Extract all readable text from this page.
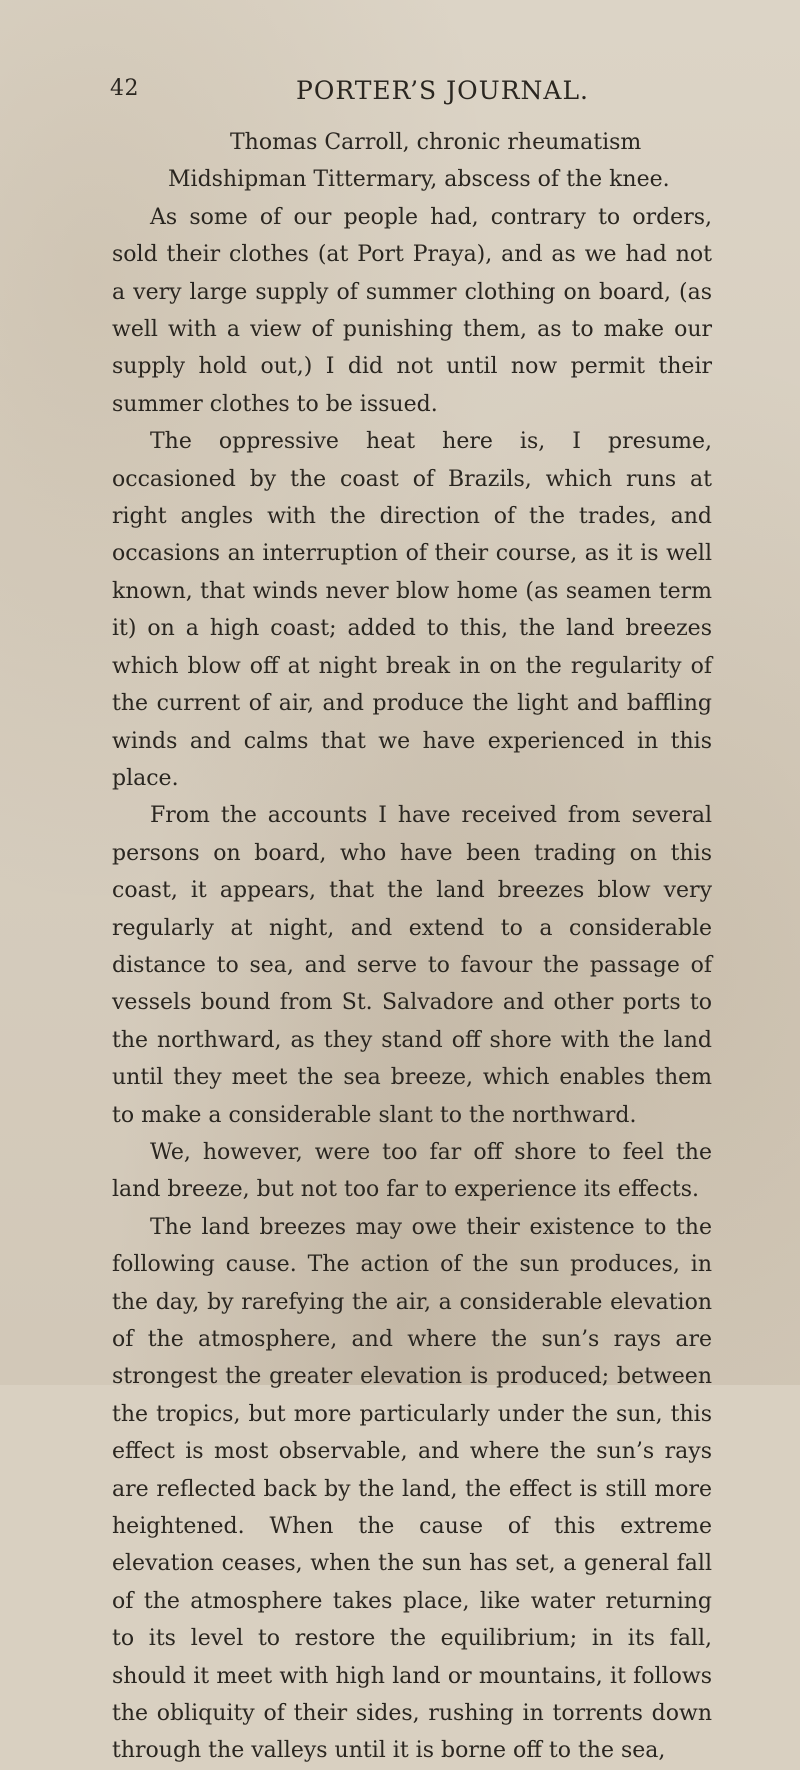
42	PORTER’S JOURNAL.

Thomas Carroll, chronic rheumatism

Midshipman Tittermary, abscess of the knee.

As some of our people had, contrary to orders, sold their clothes (at Port Praya), and as we had not a very large supply of summer clothing on board, (as well with a view of punishing them, as to make our supply hold out,) I did not until now permit their summer clothes to be issued.

The oppressive heat here is, I presume, occasioned by the coast of Brazils, which runs at right angles with the direction of the trades, and occasions an interruption of their course, as it is well known, that winds never blow home (as seamen term it) on a high coast; added to this, the land breezes which blow off at night break in on the regularity of the current of air, and produce the light and baffling winds and calms that we have experienced in this place.

From the accounts I have received from several persons on board, who have been trading on this coast, it appears, that the land breezes blow very regularly at night, and extend to a considerable distance to sea, and serve to favour the passage of vessels bound from St. Salvadore and other ports to the northward, as they stand off shore with the land until they meet the sea breeze, which enables them to make a considerable slant to the northward.

We, however, were too far off shore to feel the land breeze, but not too far to experience its effects.

The land breezes may owe their existence to the following cause. The action of the sun produces, in the day, by rarefying the air, a considerable elevation of the atmosphere, and where the sun’s rays are strongest the greater elevation is produced; between the tropics, but more particularly under the sun, this effect is most observable, and where the sun’s rays are reflected back by the land, the effect is still more heightened. When the cause of this extreme elevation ceases, when the sun has set, a general fall of the atmosphere takes place, like water returning to its level to restore the equilibrium; in its fall, should it meet with high land or mountains, it follows the obliquity of their sides, rushing in torrents down through the valleys until it is borne off to the sea,
